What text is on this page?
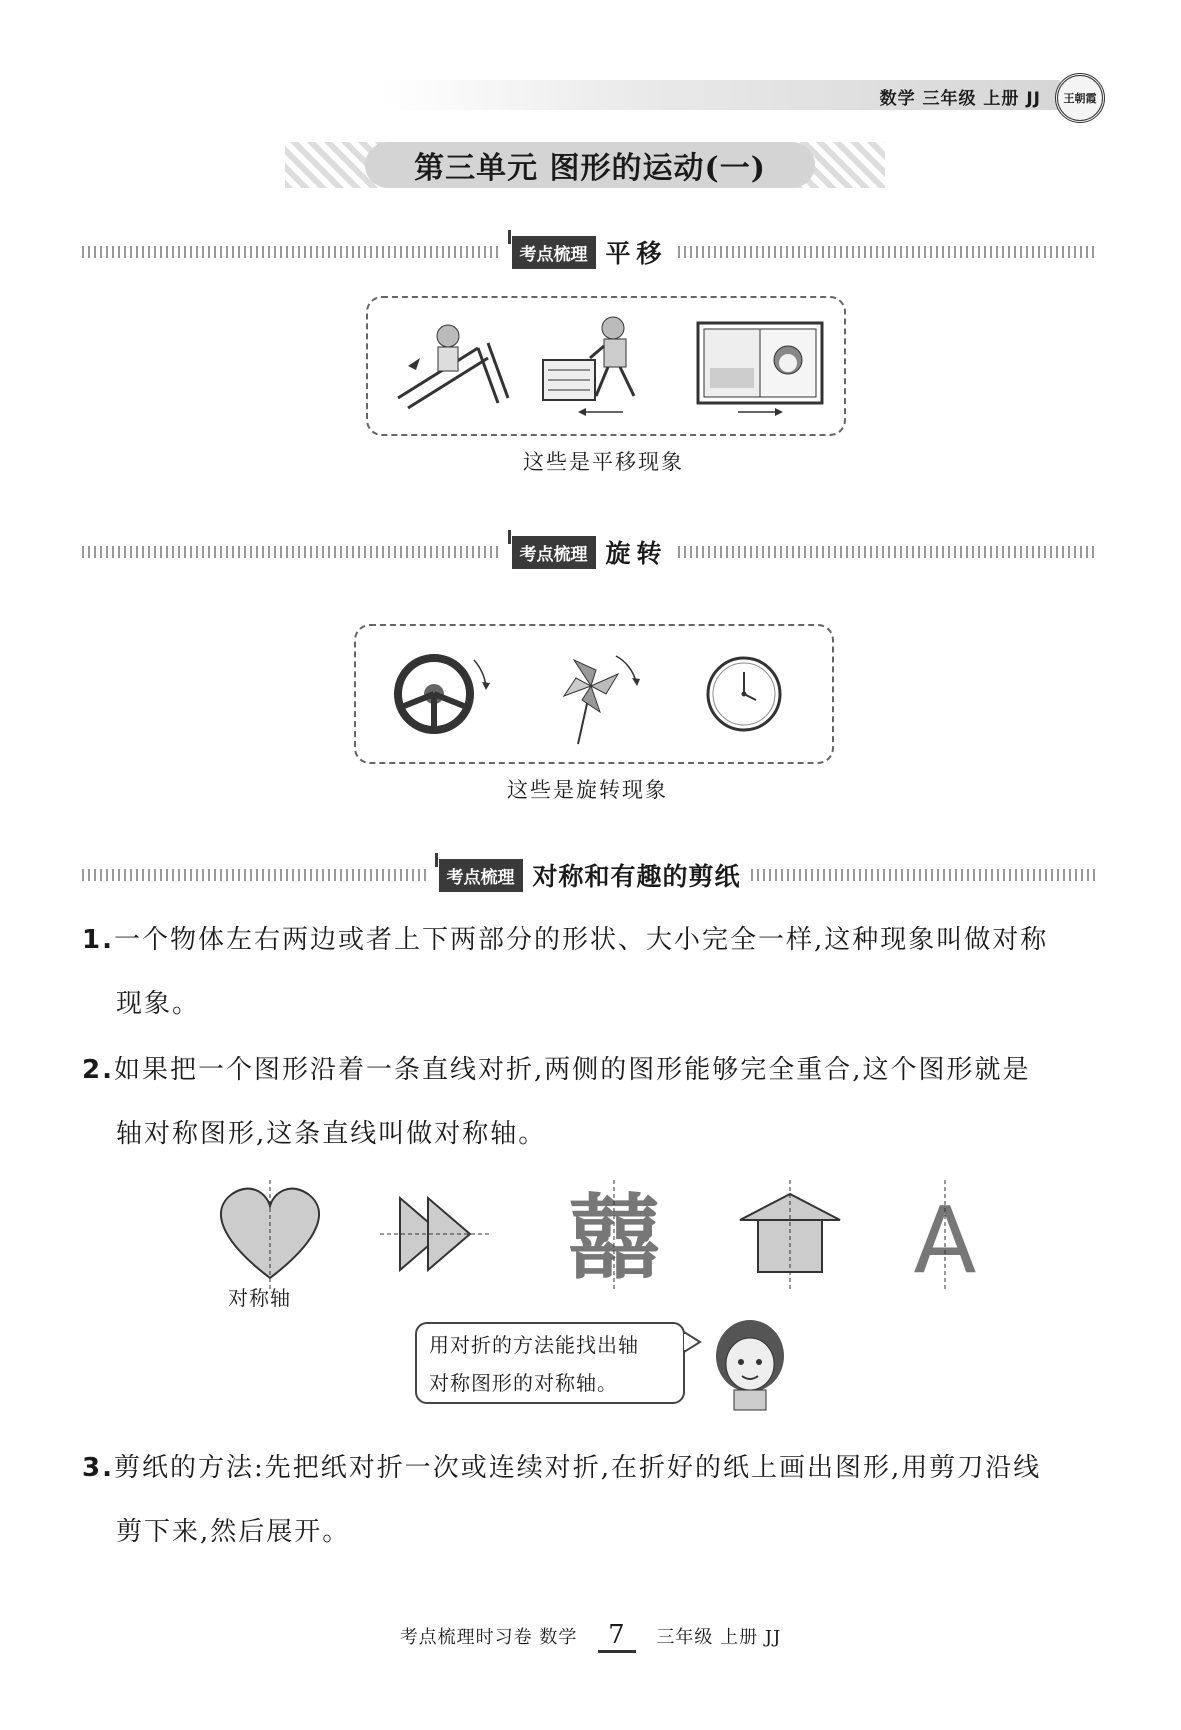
数学 三年级 上册 JJ 王朝霞
第三单元 图形的运动(一)
考点梳理 平移
这些是平移现象
考点梳理 旋转
这些是旋转现象
考点梳理 对称和有趣的剪纸
1.一个物体左右两边或者上下两部分的形状、大小完全一样,这种现象叫做对称
现象。
2.如果把一个图形沿着一条直线对折,两侧的图形能够完全重合,这个图形就是
轴对称图形,这条直线叫做对称轴。
囍	A
对称轴
用对折的方法能找出轴
对称图形的对称轴。
3.剪纸的方法:先把纸对折一次或连续对折,在折好的纸上画出图形,用剪刀沿线
剪下来,然后展开。
考点梳理时习卷 数学 7 三年级 上册 JJ
